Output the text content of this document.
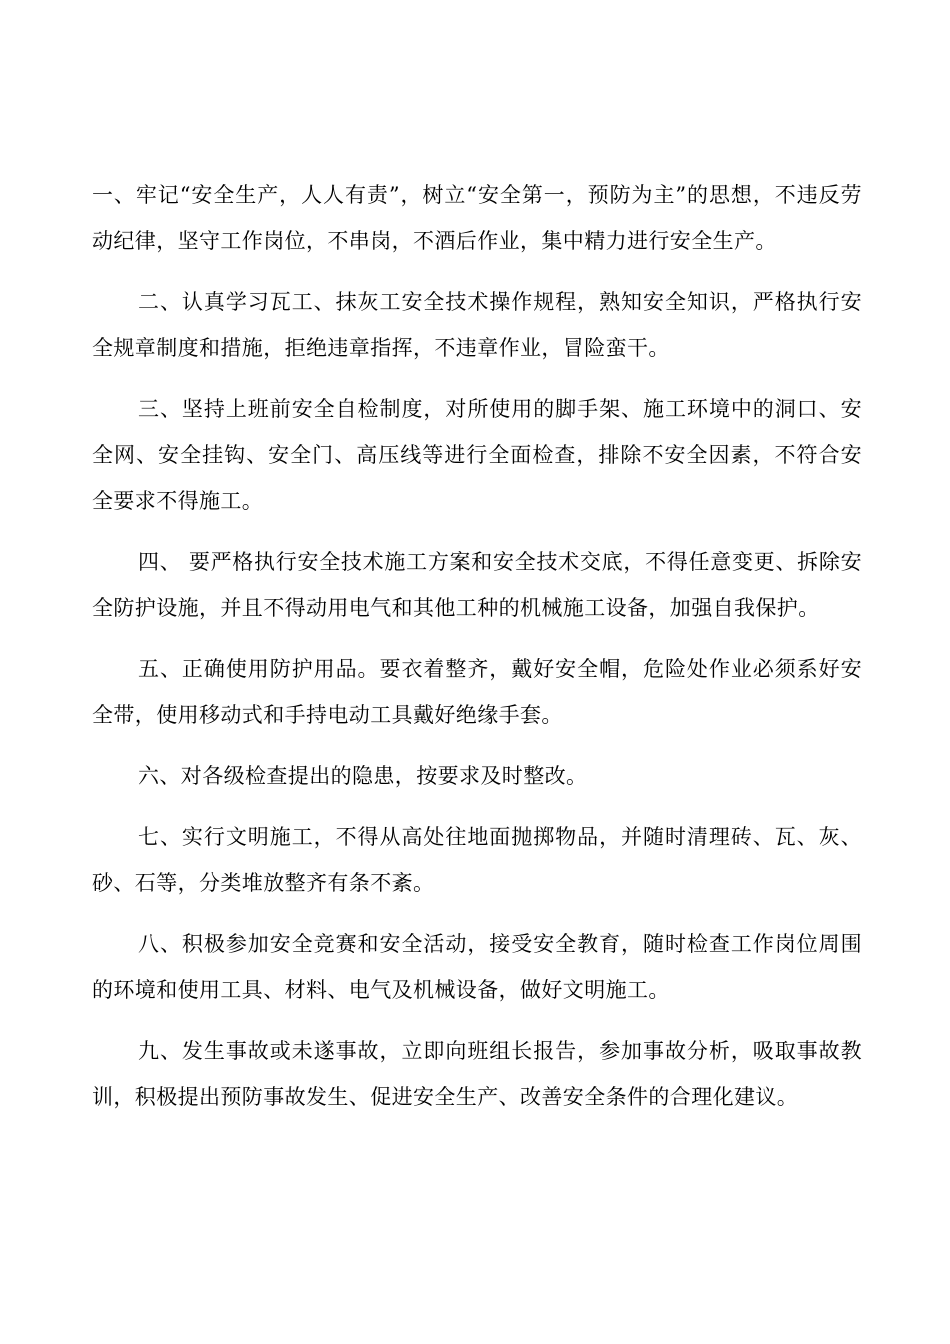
一、牢记“安全生产，人人有责”，树立“安全第一，预防为主”的思想，不违反劳动纪律，坚守工作岗位，不串岗，不酒后作业，集中精力进行安全生产。

二、认真学习瓦工、抹灰工安全技术操作规程，熟知安全知识，严格执行安全规章制度和措施，拒绝违章指挥，不违章作业，冒险蛮干。

三、坚持上班前安全自检制度，对所使用的脚手架、施工环境中的洞口、安全网、安全挂钩、安全门、高压线等进行全面检查，排除不安全因素，不符合安全要求不得施工。

四、 要严格执行安全技术施工方案和安全技术交底，不得任意变更、拆除安全防护设施，并且不得动用电气和其他工种的机械施工设备，加强自我保护。

五、正确使用防护用品。要衣着整齐，戴好安全帽，危险处作业必须系好安全带，使用移动式和手持电动工具戴好绝缘手套。

六、对各级检查提出的隐患，按要求及时整改。

七、实行文明施工，不得从高处往地面抛掷物品，并随时清理砖、瓦、灰、砂、石等，分类堆放整齐有条不紊。

八、积极参加安全竞赛和安全活动，接受安全教育，随时检查工作岗位周围的环境和使用工具、材料、电气及机械设备，做好文明施工。

九、发生事故或未遂事故，立即向班组长报告，参加事故分析，吸取事故教训，积极提出预防事故发生、促进安全生产、改善安全条件的合理化建议。
